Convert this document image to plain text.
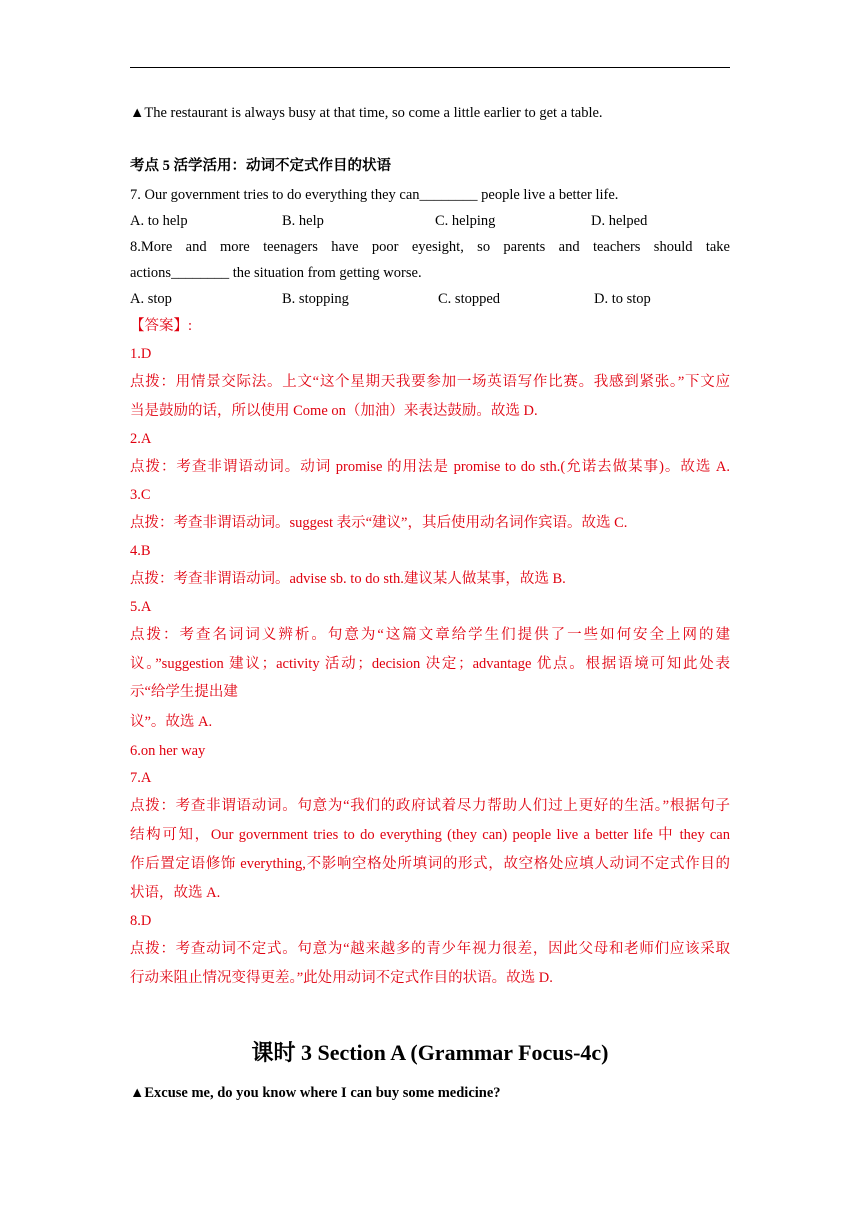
▲The restaurant is always busy at that time, so come a little earlier to get a table.
考点 5 活学活用：动词不定式作目的状语
7. Our government tries to do everything they can________ people live a better life.
A. to help	B. help	C. helping	D. helped
8.More and more teenagers have poor eyesight, so parents and teachers should take
actions________ the situation from getting worse.
A. stop	B. stopping	C. stopped	D. to stop
【答案】:
1.D
点拨：用情景交际法。上文“这个星期天我要参加一场英语写作比赛。我感到紧张。”下文应
当是鼓励的话，所以使用 Come on（加油）来表达鼓励。故选 D.
2.A
点拨：考查非谓语动词。动词 promise 的用法是 promise to do sth.(允诺去做某事)。故选 A.
3.C
点拨：考查非谓语动词。suggest 表示“建议”，其后使用动名词作宾语。故选 C.
4.B
点拨：考查非谓语动词。advise sb. to do sth.建议某人做某事，故选 B.
5.A
点拨：考查名词词义辨析。句意为“这篇文章给学生们提供了一些如何安全上网的建
议。”suggestion 建议；activity 活动；decision 决定；advantage 优点。根据语境可知此处表
示“给学生提出建
议”。故选 A.
6.on her way
7.A
点拨：考查非谓语动词。句意为“我们的政府试着尽力帮助人们过上更好的生活。”根据句子
结构可知，Our government tries to do everything (they can) people live a better life 中 they can
作后置定语修饰 everything,不影响空格处所填词的形式，故空格处应填人动词不定式作目的
状语，故选 A.
8.D
点拨：考查动词不定式。句意为“越来越多的青少年视力很差，因此父母和老师们应该采取
行动来阻止情况变得更差。”此处用动词不定式作目的状语。故选 D.
课时 3 Section A (Grammar Focus-4c)
▲Excuse me, do you know where I can buy some medicine?
